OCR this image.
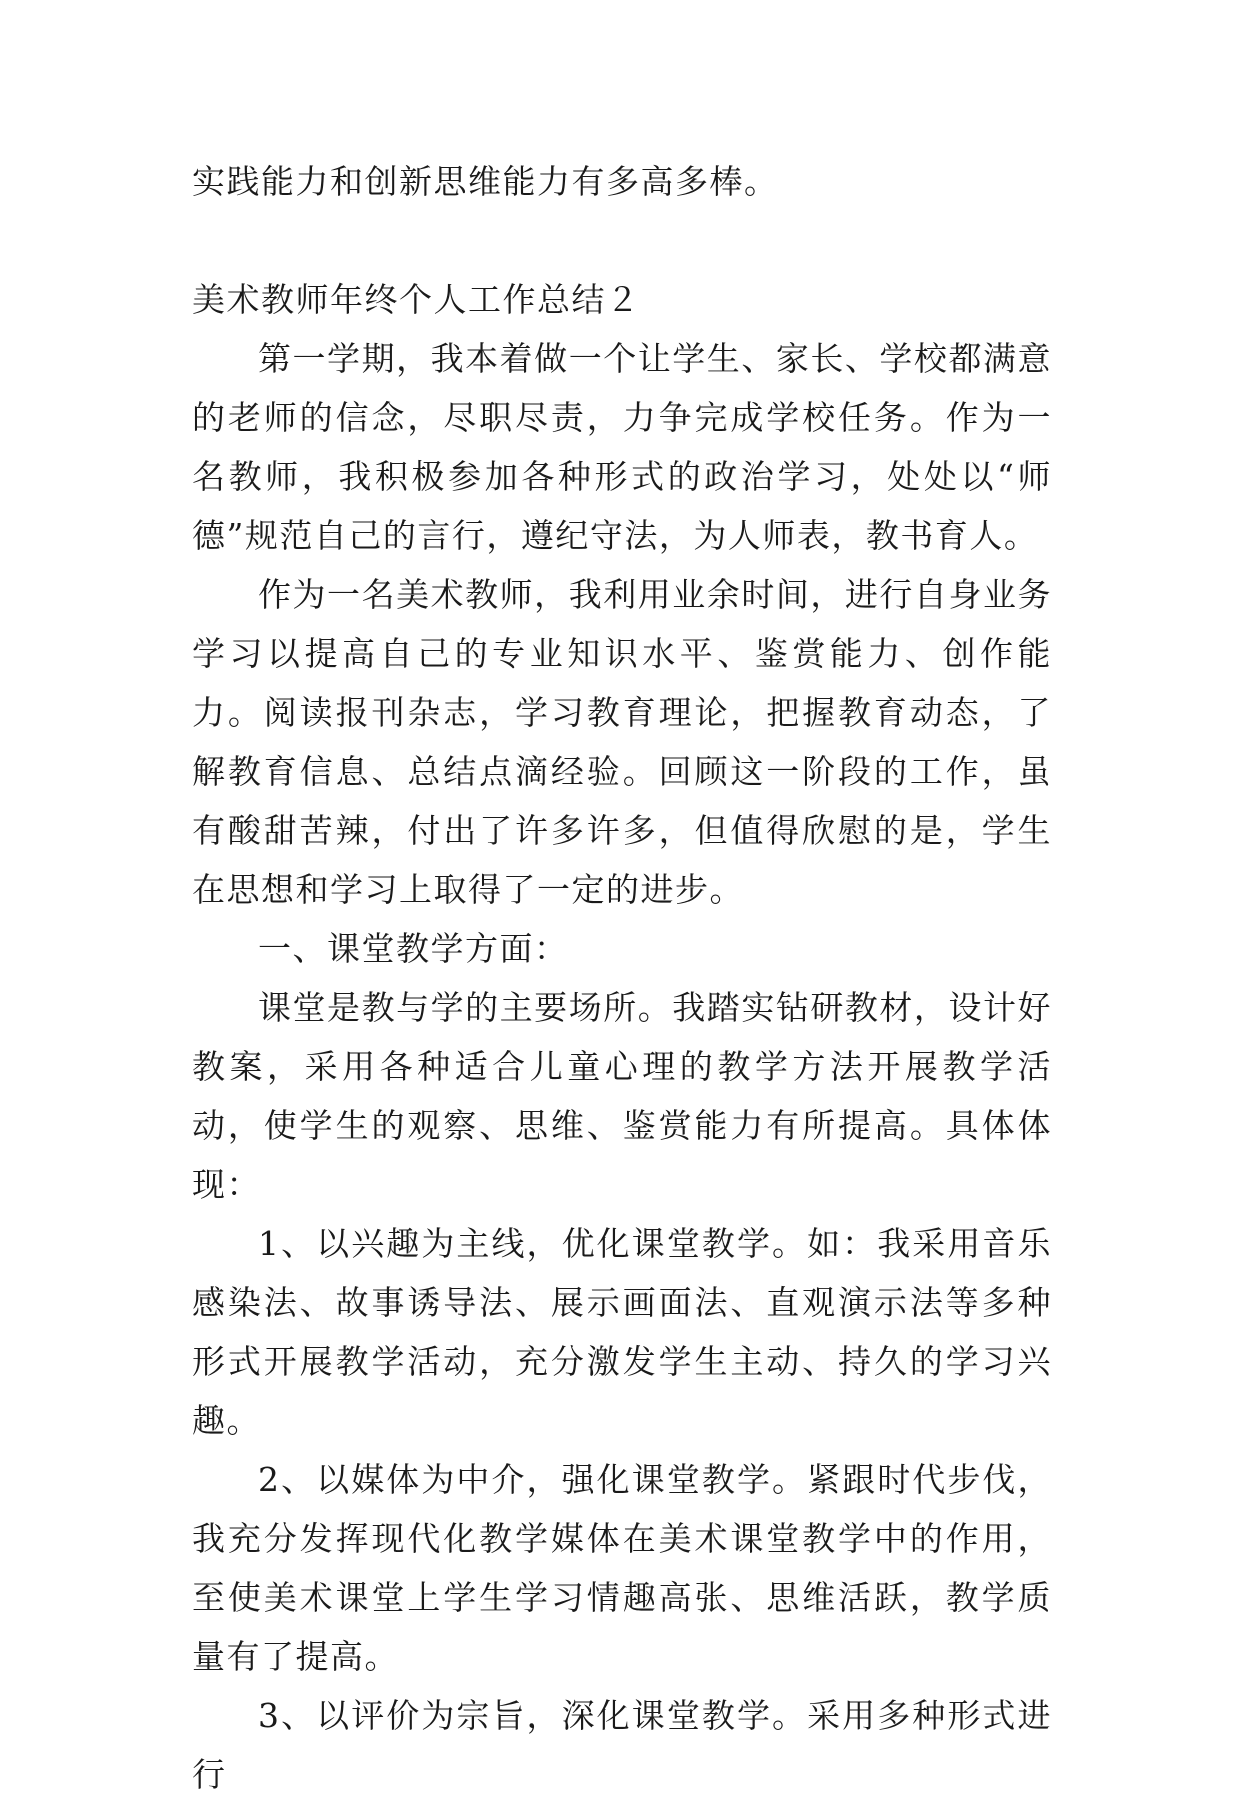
实践能力和创新思维能力有多高多棒。

美术教师年终个人工作总结２

第一学期，我本着做一个让学生、家长、学校都满意的老师的信念，尽职尽责，力争完成学校任务。作为一名教师，我积极参加各种形式的政治学习，处处以“师德”规范自己的言行，遵纪守法，为人师表，教书育人。

作为一名美术教师，我利用业余时间，进行自身业务学习以提高自己的专业知识水平、鉴赏能力、创作能力。阅读报刊杂志，学习教育理论，把握教育动态，了解教育信息、总结点滴经验。回顾这一阶段的工作，虽有酸甜苦辣，付出了许多许多，但值得欣慰的是，学生在思想和学习上取得了一定的进步。

一、课堂教学方面：

课堂是教与学的主要场所。我踏实钻研教材，设计好教案，采用各种适合儿童心理的教学方法开展教学活动，使学生的观察、思维、鉴赏能力有所提高。具体体现：

1、以兴趣为主线，优化课堂教学。如：我采用音乐感染法、故事诱导法、展示画面法、直观演示法等多种形式开展教学活动，充分激发学生主动、持久的学习兴趣。

2、以媒体为中介，强化课堂教学。紧跟时代步伐，我充分发挥现代化教学媒体在美术课堂教学中的作用，至使美术课堂上学生学习情趣高张、思维活跃，教学质量有了提高。

3、以评价为宗旨，深化课堂教学。采用多种形式进行
